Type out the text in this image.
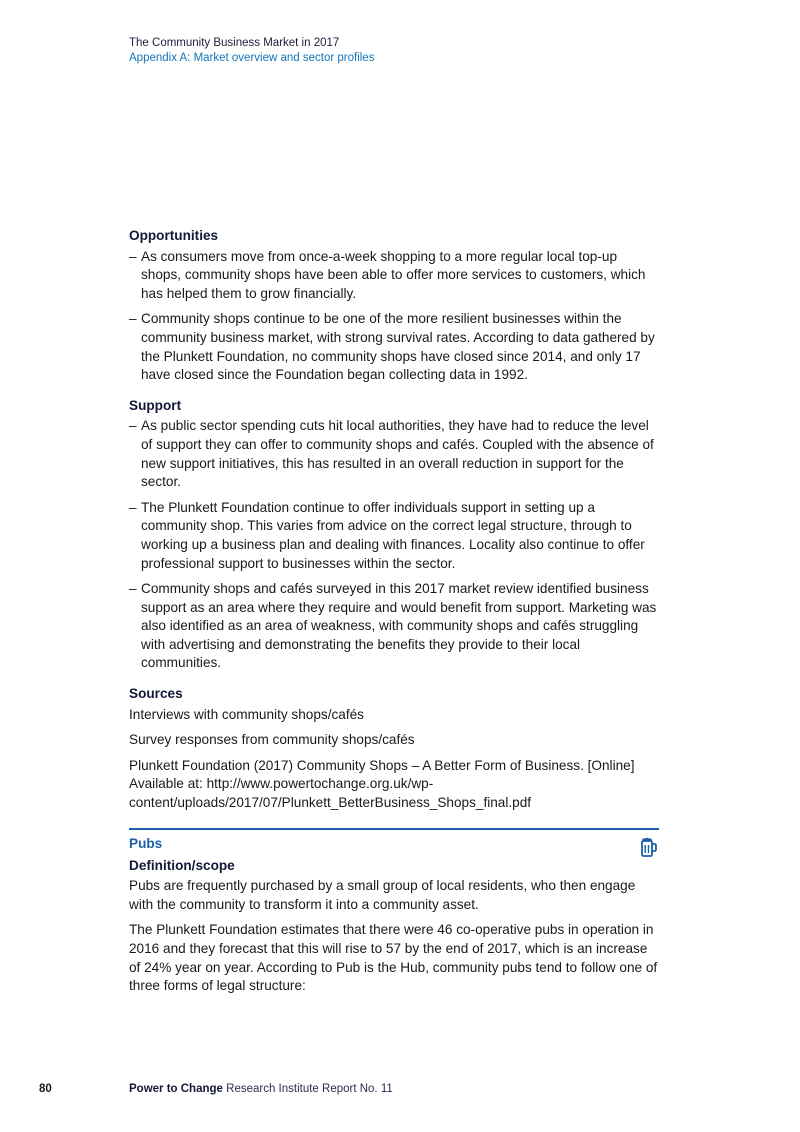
The Community Business Market in 2017
Appendix A: Market overview and sector profiles
Opportunities
– As consumers move from once-a-week shopping to a more regular local top-up shops, community shops have been able to offer more services to customers, which has helped them to grow financially.
– Community shops continue to be one of the more resilient businesses within the community business market, with strong survival rates. According to data gathered by the Plunkett Foundation, no community shops have closed since 2014, and only 17 have closed since the Foundation began collecting data in 1992.
Support
– As public sector spending cuts hit local authorities, they have had to reduce the level of support they can offer to community shops and cafés. Coupled with the absence of new support initiatives, this has resulted in an overall reduction in support for the sector.
– The Plunkett Foundation continue to offer individuals support in setting up a community shop. This varies from advice on the correct legal structure, through to working up a business plan and dealing with finances. Locality also continue to offer professional support to businesses within the sector.
– Community shops and cafés surveyed in this 2017 market review identified business support as an area where they require and would benefit from support. Marketing was also identified as an area of weakness, with community shops and cafés struggling with advertising and demonstrating the benefits they provide to their local communities.
Sources

Interviews with community shops/cafés

Survey responses from community shops/cafés

Plunkett Foundation (2017) Community Shops – A Better Form of Business. [Online] Available at: http://www.powertochange.org.uk/wp-content/uploads/2017/07/Plunkett_BetterBusiness_Shops_final.pdf

Pubs
Definition/scope

Pubs are frequently purchased by a small group of local residents, who then engage with the community to transform it into a community asset.

The Plunkett Foundation estimates that there were 46 co-operative pubs in operation in 2016 and they forecast that this will rise to 57 by the end of 2017, which is an increase of 24% year on year. According to Pub is the Hub, community pubs tend to follow one of three forms of legal structure:

80	Power to Change Research Institute Report No. 11
